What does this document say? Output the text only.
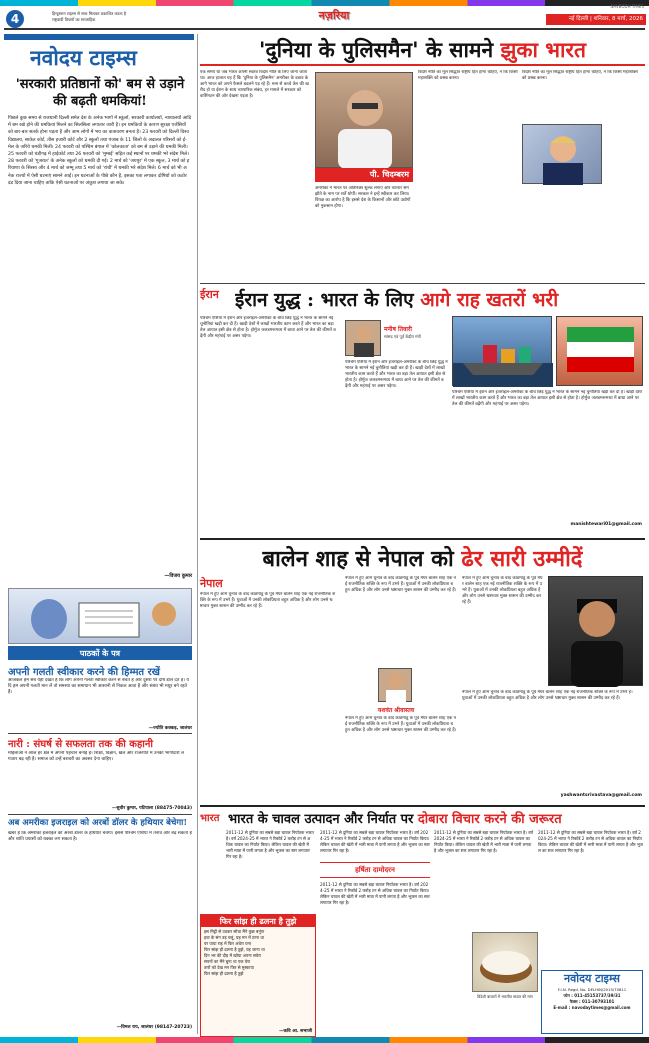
4	हिन्दुस्तान टाइम्स से साथ मिलकर प्रकाशित करता है
राष्ट्रवादी विचारों का साप्ताहिक	नज़रिया
NAVBODH TIMES
नई दिल्ली | शनिवार, 8 मार्च, 2026
नवोदय टाइम्स
'सरकारी प्रतिष्ठानों को' बम से उड़ाने की बढ़ती धमकियां!
पिछले कुछ समय से राजधानी दिल्ली समेत देश के अनेक भागों में स्कूलों, सरकारी कार्यालयों, न्यायालयों आदि में बम रखे होने की धमकियां मिलने का सिलसिला लगातार जारी है। इन धमकियों के कारण सुरक्षा एजेंसियों को बार-बार सतर्क होना पड़ता है और आम लोगों में भय का वातावरण बनता है। 23 फरवरी को दिल्ली विश्वविद्यालय, साकेत कोर्ट, तीस हजारी कोर्ट और 2 स्कूलों तथा पंजाब के 11 जिलों के अदालत परिसरों को ई-मेल के जरिये धमकी मिली। 24 फरवरी को पश्चिम बंगाल में 'कोलकाता' को बम से उड़ाने की धमकी मिली। 25 फरवरी को चंडीगढ़ में हाईकोर्ट तथा 26 फरवरी को 'मुम्बई' सहित कई स्थानों पर धमकी भरे संदेश मिले। 28 फरवरी को 'गुजरात' के अनेक स्कूलों को धमकी दी गई। 2 मार्च को 'जयपुर' में एक स्कूल, 3 मार्च को हरियाणा के सिरसा और 4 मार्च को जम्मू तथा 5 मार्च को 'रांची' में धमकी भरे संदेश मिले। 6 मार्च को भी अनेक राज्यों में ऐसी घटनाएं सामने आईं। इन घटनाओं के पीछे कौन है, इसका पता लगाकर दोषियों को कठोर दंड दिया जाना चाहिए ताकि ऐसी घटनाओं पर अंकुश लगाया जा सके।
—विजय कुमार
पाठकों के पत्र
अपनी गलती स्वीकार करने की हिम्मत रखें
आजकल हम सब यही देखते हैं कि लोग अपनी गलती स्वीकार करने से बचते हैं और दूसरों पर दोष डाल देते हैं। यदि हम अपनी गलती मान लें तो समस्या का समाधान भी आसानी से निकल आता है और संबंध भी मधुर बने रहते हैं।
—ज्योति कक्कड़, जालंधर
नारी : संघर्ष से सफलता तक की कहानी
महिलाओं ने आज हर क्षेत्र में अपनी पहचान बनाई है। शिक्षा, विज्ञान, खेल और राजनीति में उनकी भागीदारी लगातार बढ़ रही है। समाज को उन्हें बराबरी का अवसर देना चाहिए।
—सुधीर कुमार, पटियाला (88475-70043)
अब अमरीका इजराइल को अरबों डॉलर के हथियार बेचेगा!
खबर है कि अमरीका इजराइल को अरबों डॉलर के हथियार बेचेगा। इससे पश्चिम एशिया में तनाव और बढ़ सकता है और शांति प्रयासों को धक्का लग सकता है।
—विमल राय, जालंधर (98147-20723)
'दुनिया के पुलिसमैन' के सामने झुका भारत
एक समय था जब भारत अपनी स्वतंत्र विदेश नीति के लिए जाना जाता था। आज हालात यह हैं कि 'दुनिया के पुलिसमैन' अमरीका के दबाव के आगे भारत को अपने फैसले बदलने पड़ रहे हैं। रूस से कच्चे तेल की खरीद हो या ईरान के साथ व्यापारिक संबंध, हर मामले में सरकार को वाशिंगटन की ओर देखना पड़ता है।
पी. चिदम्बरम
अमरीका ने भारत पर अतिरिक्त शुल्क लगाए और व्यापार समझौते के नाम पर शर्तें थोपीं। सरकार ने इन्हें स्वीकार कर लिया। विपक्ष का आरोप है कि इससे देश के किसानों और छोटे उद्योगों को नुकसान होगा।
विदेश नीति का मूल सिद्धांत राष्ट्रीय हित होना चाहिए, न कि किसी महाशक्ति को प्रसन्न करना।
विदेश नीति का मूल सिद्धांत राष्ट्रीय हित होना चाहिए, न कि किसी महाशक्ति को प्रसन्न करना।
ईरान ईरान युद्ध : भारत के लिए आगे राह खतरों भरी
पश्चिम एशिया में ईरान और इजराइल-अमरीका के बीच छिड़े युद्ध ने भारत के सामने नई चुनौतियां खड़ी कर दी हैं। खाड़ी देशों में लाखों भारतीय काम करते हैं और भारत का बड़ा तेल आयात इसी क्षेत्र से होता है। होर्मुज जलडमरूमध्य में बाधा आने पर तेल की कीमतें बढ़ेंगी और महंगाई पर असर पड़ेगा।
मनीष तिवारी
सांसद एवं पूर्व केंद्रीय मंत्री
पश्चिम एशिया में ईरान और इजराइल-अमरीका के बीच छिड़े युद्ध ने भारत के सामने नई चुनौतियां खड़ी कर दी हैं। खाड़ी देशों में लाखों भारतीय काम करते हैं और भारत का बड़ा तेल आयात इसी क्षेत्र से होता है। होर्मुज जलडमरूमध्य में बाधा आने पर तेल की कीमतें बढ़ेंगी और महंगाई पर असर पड़ेगा।
पश्चिम एशिया में ईरान और इजराइल-अमरीका के बीच छिड़े युद्ध ने भारत के सामने नई चुनौतियां खड़ी कर दी हैं। खाड़ी देशों में लाखों भारतीय काम करते हैं और भारत का बड़ा तेल आयात इसी क्षेत्र से होता है। होर्मुज जलडमरूमध्य में बाधा आने पर तेल की कीमतें बढ़ेंगी और महंगाई पर असर पड़ेगा।
manishtewari01@gmail.com
बालेन शाह से नेपाल को ढेर सारी उम्मीदें
नेपाल
नेपाल में हुए आम चुनाव के बाद काठमांडू के पूर्व मेयर बालेन शाह एक नई राजनीतिक शक्ति के रूप में उभरे हैं। युवाओं में उनकी लोकप्रियता बहुत अधिक है और लोग उनसे भ्रष्टाचार मुक्त शासन की उम्मीद कर रहे हैं।
नेपाल में हुए आम चुनाव के बाद काठमांडू के पूर्व मेयर बालेन शाह एक नई राजनीतिक शक्ति के रूप में उभरे हैं। युवाओं में उनकी लोकप्रियता बहुत अधिक है और लोग उनसे भ्रष्टाचार मुक्त शासन की उम्मीद कर रहे हैं।
यशवंत श्रीवास्तव
नेपाल में हुए आम चुनाव के बाद काठमांडू के पूर्व मेयर बालेन शाह एक नई राजनीतिक शक्ति के रूप में उभरे हैं। युवाओं में उनकी लोकप्रियता बहुत अधिक है और लोग उनसे भ्रष्टाचार मुक्त शासन की उम्मीद कर रहे हैं।
नेपाल में हुए आम चुनाव के बाद काठमांडू के पूर्व मेयर बालेन शाह एक नई राजनीतिक शक्ति के रूप में उभरे हैं। युवाओं में उनकी लोकप्रियता बहुत अधिक है और लोग उनसे भ्रष्टाचार मुक्त शासन की उम्मीद कर रहे हैं।
नेपाल में हुए आम चुनाव के बाद काठमांडू के पूर्व मेयर बालेन शाह एक नई राजनीतिक शक्ति के रूप में उभरे हैं। युवाओं में उनकी लोकप्रियता बहुत अधिक है और लोग उनसे भ्रष्टाचार मुक्त शासन की उम्मीद कर रहे हैं।
yashwantsrivastava@gmail.com
भारत के चावल उत्पादन और निर्यात पर दोबारा विचार करने की जरूरत
भारत
2011-12 से दुनिया का सबसे बड़ा चावल निर्यातक भारत है। वर्ष 2024-25 में भारत ने रिकॉर्ड 2 करोड़ टन से अधिक चावल का निर्यात किया। लेकिन चावल की खेती में भारी मात्रा में पानी लगता है और भूजल का स्तर लगातार गिर रहा है।
फिर सांझ ही ढलना है तुझे
इस मिट्टी से उठकर सोचा मैंने कुछ बनूंगा
हवा के संग उड़ चलूं, यह मन में ठाना था
पर पाया राह में फिर अंधेरा घना
फिर सांझ ही ढलना है तुझे, यह जाना था
दिन भर की दौड़ में खोया अपना सवेरा
सपनों का मैंने बुना था एक घेरा
तारों को देख मन फिर से मुस्काया
फिर सांझ ही ढलना है तुझे
—कवि आ. सभाजी
2011-12 से दुनिया का सबसे बड़ा चावल निर्यातक भारत है। वर्ष 2024-25 में भारत ने रिकॉर्ड 2 करोड़ टन से अधिक चावल का निर्यात किया। लेकिन चावल की खेती में भारी मात्रा में पानी लगता है और भूजल का स्तर लगातार गिर रहा है।
हर्षिता दामोदरन
2011-12 से दुनिया का सबसे बड़ा चावल निर्यातक भारत है। वर्ष 2024-25 में भारत ने रिकॉर्ड 2 करोड़ टन से अधिक चावल का निर्यात किया। लेकिन चावल की खेती में भारी मात्रा में पानी लगता है और भूजल का स्तर लगातार गिर रहा है।
2011-12 से दुनिया का सबसे बड़ा चावल निर्यातक भारत है। वर्ष 2024-25 में भारत ने रिकॉर्ड 2 करोड़ टन से अधिक चावल का निर्यात किया। लेकिन चावल की खेती में भारी मात्रा में पानी लगता है और भूजल का स्तर लगातार गिर रहा है।
2011-12 से दुनिया का सबसे बड़ा चावल निर्यातक भारत है। वर्ष 2024-25 में भारत ने रिकॉर्ड 2 करोड़ टन से अधिक चावल का निर्यात किया। लेकिन चावल की खेती में भारी मात्रा में पानी लगता है और भूजल का स्तर लगातार गिर रहा है।
विदेशी बाजारों में भारतीय चावल की मांग
नवोदय टाइम्स
F.I.N. Regd. No. DELHIN/2015/70811
फोन : 011-45153737/39/31
फैक्स : 011-30793101
E-mail : navodaytimes@gmail.com
